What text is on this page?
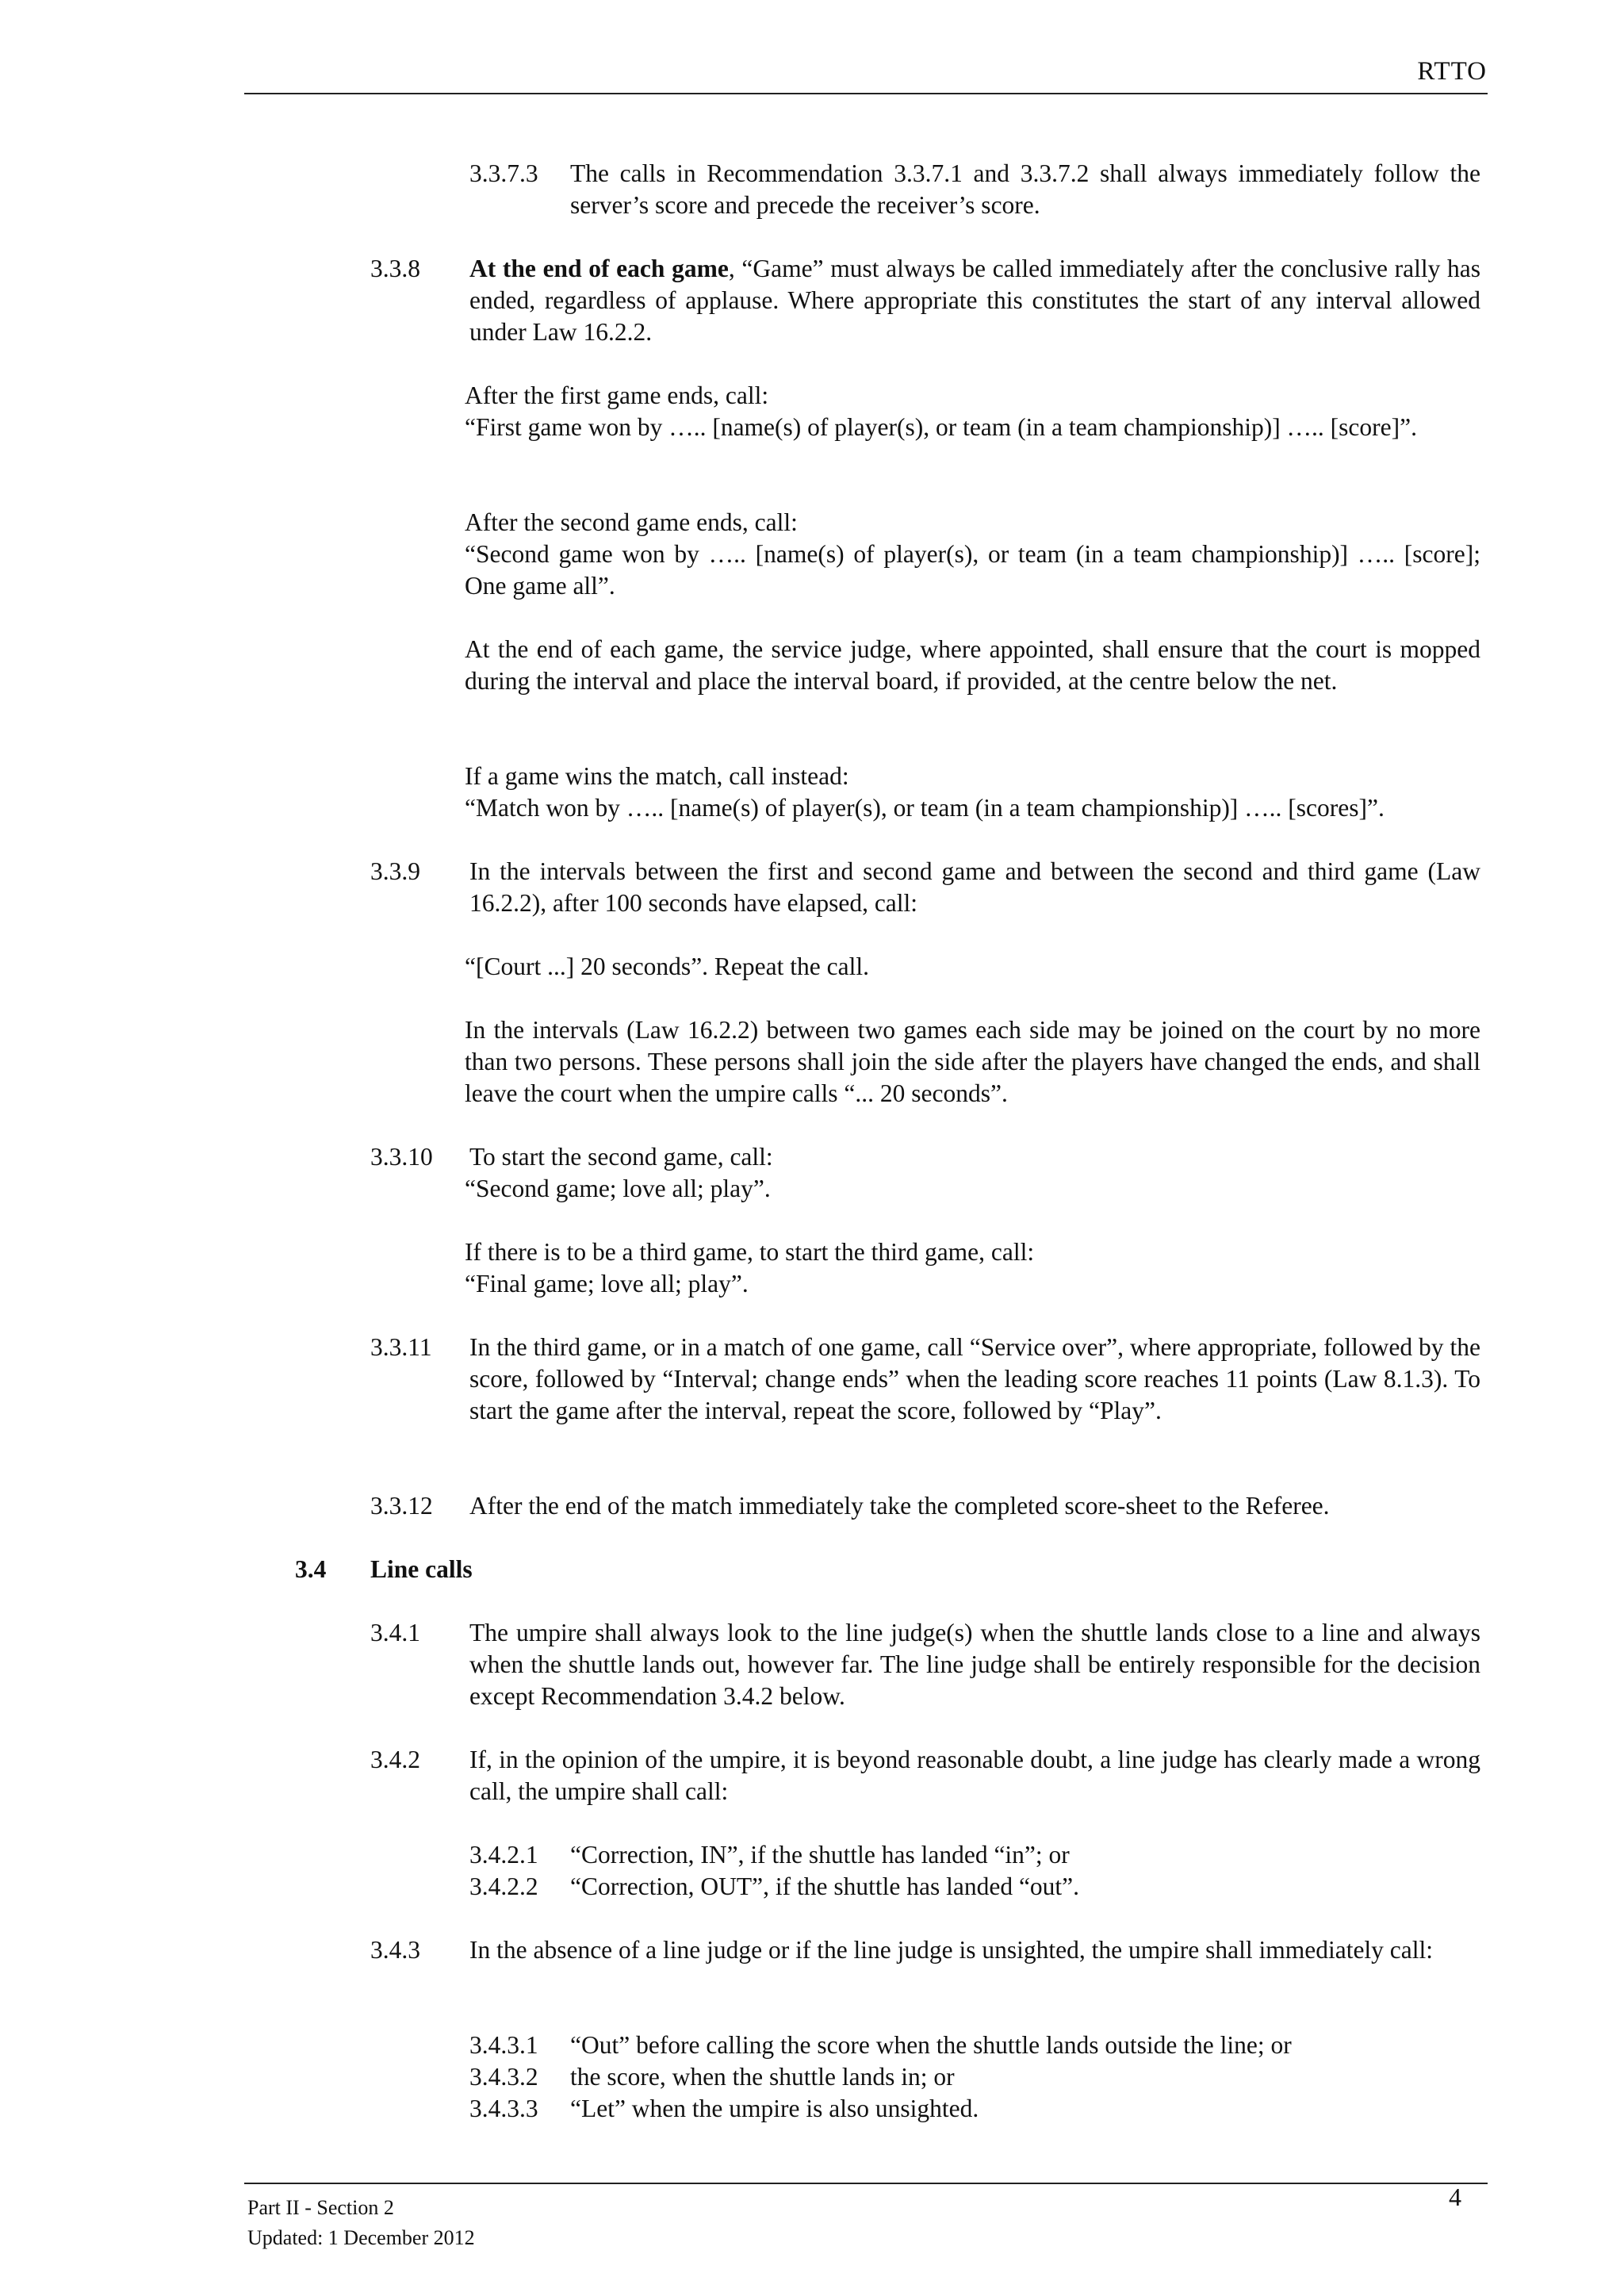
RTTO
3.3.7.3 The calls in Recommendation 3.3.7.1 and 3.3.7.2 shall always immediately follow the server’s score and precede the receiver’s score.
3.3.8 At the end of each game, “Game” must always be called immediately after the conclusive rally has ended, regardless of applause. Where appropriate this constitutes the start of any interval allowed under Law 16.2.2.
After the first game ends, call:
“First game won by ….. [name(s) of player(s), or team (in a team championship)] ….. [score]”.
After the second game ends, call:
“Second game won by ….. [name(s) of player(s), or team (in a team championship)] ….. [score]; One game all”.
At the end of each game, the service judge, where appointed, shall ensure that the court is mopped during the interval and place the interval board, if provided, at the centre below the net.
If a game wins the match, call instead:
“Match won by ….. [name(s) of player(s), or team (in a team championship)] ….. [scores]”.
3.3.9 In the intervals between the first and second game and between the second and third game (Law 16.2.2), after 100 seconds have elapsed, call:
“[Court ...] 20 seconds”. Repeat the call.
In the intervals (Law 16.2.2) between two games each side may be joined on the court by no more than two persons. These persons shall join the side after the players have changed the ends, and shall leave the court when the umpire calls “... 20 seconds”.
3.3.10 To start the second game, call:
“Second game; love all; play”.
If there is to be a third game, to start the third game, call:
“Final game; love all; play”.
3.3.11 In the third game, or in a match of one game, call “Service over”, where appropriate, followed by the score, followed by “Interval; change ends” when the leading score reaches 11 points (Law 8.1.3). To start the game after the interval, repeat the score, followed by “Play”.
3.3.12 After the end of the match immediately take the completed score-sheet to the Referee.
3.4 Line calls
3.4.1 The umpire shall always look to the line judge(s) when the shuttle lands close to a line and always when the shuttle lands out, however far. The line judge shall be entirely responsible for the decision except Recommendation 3.4.2 below.
3.4.2 If, in the opinion of the umpire, it is beyond reasonable doubt, a line judge has clearly made a wrong call, the umpire shall call:
3.4.2.1 “Correction, IN”, if the shuttle has landed “in”; or
3.4.2.2 “Correction, OUT”, if the shuttle has landed “out”.
3.4.3 In the absence of a line judge or if the line judge is unsighted, the umpire shall immediately call:
3.4.3.1 “Out” before calling the score when the shuttle lands outside the line; or
3.4.3.2 the score, when the shuttle lands in; or
3.4.3.3 “Let” when the umpire is also unsighted.
Part II - Section 2
Updated: 1 December 2012
4
